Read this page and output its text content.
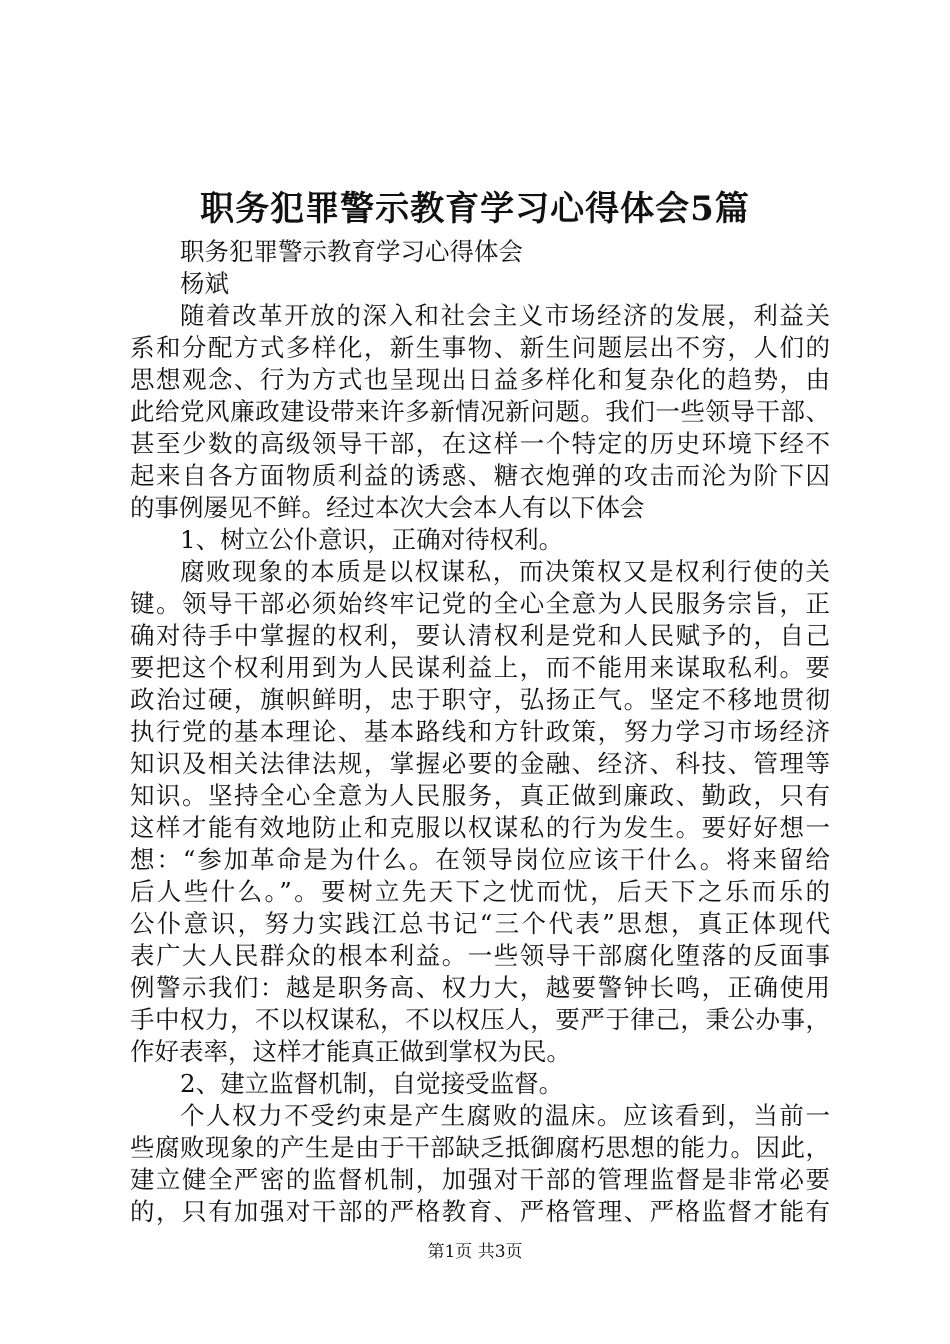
职务犯罪警示教育学习心得体会5篇
职务犯罪警示教育学习心得体会
杨斌
随着改革开放的深入和社会主义市场经济的发展，利益关
系和分配方式多样化，新生事物、新生问题层出不穷，人们的
思想观念、行为方式也呈现出日益多样化和复杂化的趋势，由
此给党风廉政建设带来许多新情况新问题。我们一些领导干部、
甚至少数的高级领导干部，在这样一个特定的历史环境下经不
起来自各方面物质利益的诱惑、糖衣炮弹的攻击而沦为阶下囚
的事例屡见不鲜。经过本次大会本人有以下体会
1、树立公仆意识，正确对待权利。
腐败现象的本质是以权谋私，而决策权又是权利行使的关
键。领导干部必须始终牢记党的全心全意为人民服务宗旨，正
确对待手中掌握的权利，要认清权利是党和人民赋予的，自己
要把这个权利用到为人民谋利益上，而不能用来谋取私利。要
政治过硬，旗帜鲜明，忠于职守，弘扬正气。坚定不移地贯彻
执行党的基本理论、基本路线和方针政策，努力学习市场经济
知识及相关法律法规，掌握必要的金融、经济、科技、管理等
知识。坚持全心全意为人民服务，真正做到廉政、勤政，只有
这样才能有效地防止和克服以权谋私的行为发生。要好好想一
想：“参加革命是为什么。在领导岗位应该干什么。将来留给
后人些什么。”。要树立先天下之忧而忧，后天下之乐而乐的
公仆意识，努力实践江总书记“三个代表”思想，真正体现代
表广大人民群众的根本利益。一些领导干部腐化堕落的反面事
例警示我们：越是职务高、权力大，越要警钟长鸣，正确使用
手中权力，不以权谋私，不以权压人，要严于律己，秉公办事，
作好表率，这样才能真正做到掌权为民。
2、建立监督机制，自觉接受监督。
个人权力不受约束是产生腐败的温床。应该看到，当前一
些腐败现象的产生是由于干部缺乏抵御腐朽思想的能力。因此，
建立健全严密的监督机制，加强对干部的管理监督是非常必要
的，只有加强对干部的严格教育、严格管理、严格监督才能有
第1页 共3页
